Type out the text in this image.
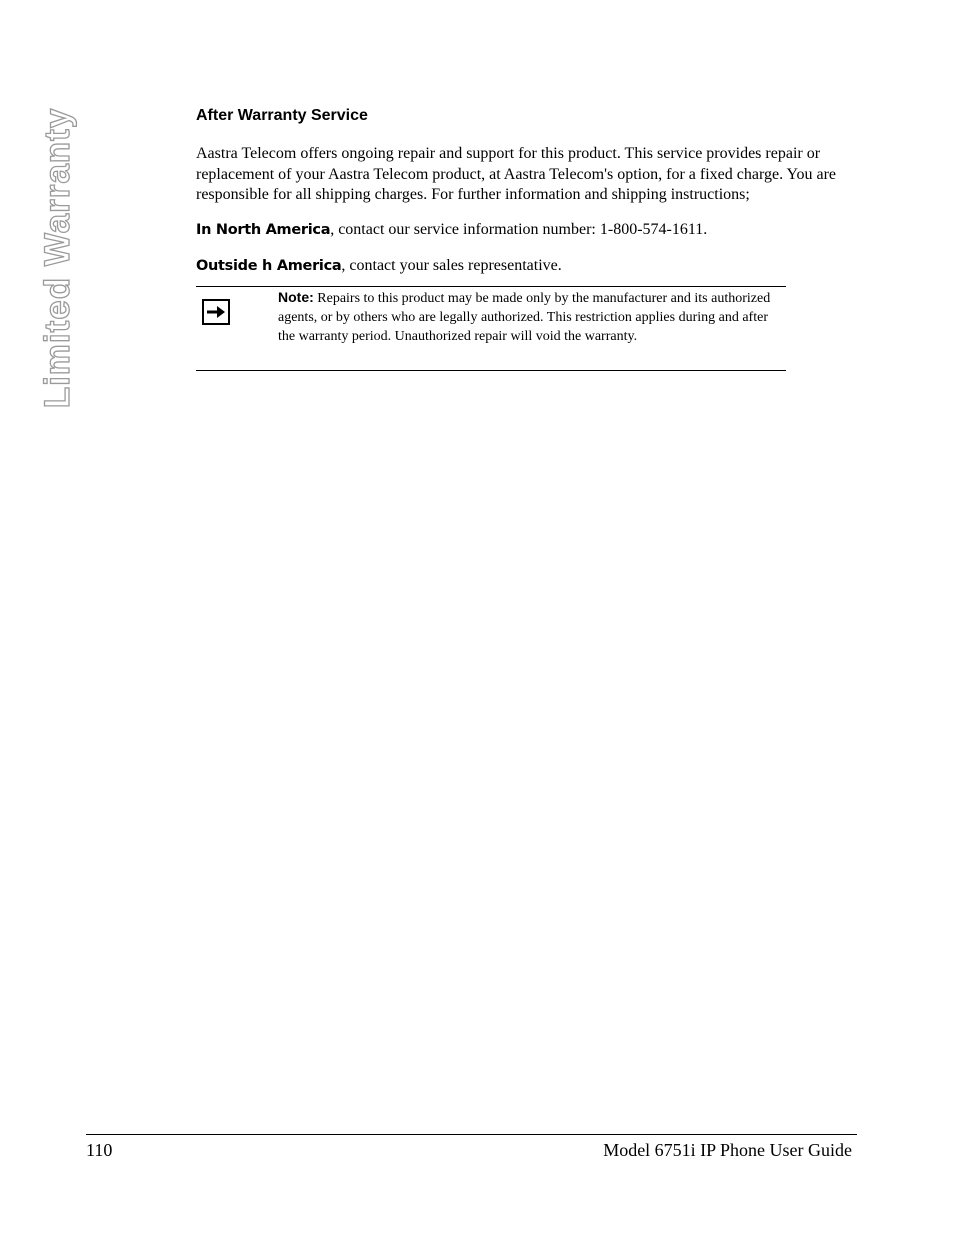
Limited Warranty	After Warranty Service

Aastra Telecom offers ongoing repair and support for this product. This service provides repair or replacement of your Aastra Telecom product, at Aastra Telecom's option, for a fixed charge. You are responsible for all shipping charges. For further information and shipping instructions;

In North America, contact our service information number: 1-800-574-1611.

Outside h America, contact your sales representative.

Note: Repairs to this product may be made only by the manufacturer and its authorized agents, or by others who are legally authorized. This restriction applies during and after the warranty period. Unauthorized repair will void the warranty.

110	Model 6751i IP Phone User Guide
